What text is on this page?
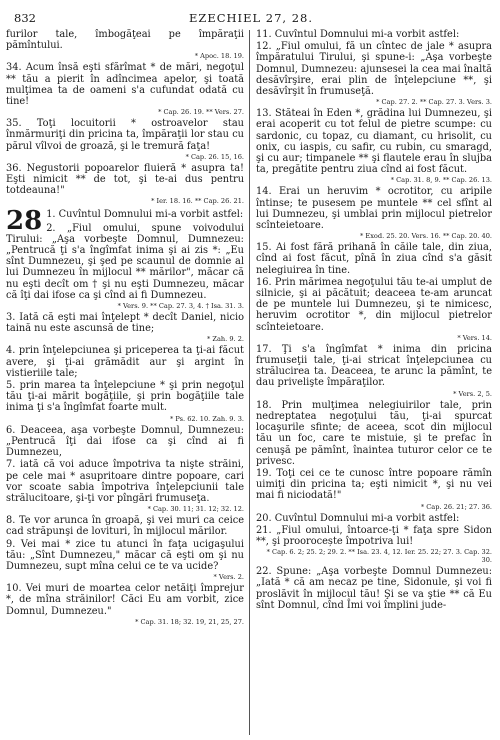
832	EZECHIEL 27, 28.
furilor tale, îmbogăţeai pe împăraţii pămîntului.
* Apoc. 18. 19.
34. Acum însă eşti sfărîmat * de mări, negoţul ** tău a pierit în adîncimea apelor, şi toată mulţimea ta de oameni s'a cufundat odată cu tine!
* Cap. 26. 19. ** Vers. 27.
35. Toţi locuitorii * ostroavelor stau înmărmuriţi din pricina ta, împăraţii lor stau cu părul vîlvoi de groază, şi le tremură faţa!
* Cap. 26. 15, 16.
36. Negustorii popoarelor fluieră * asupra ta! Eşti nimicit ** de tot, şi te-ai dus pentru totdeauna!"
* Ier. 18. 16. ** Cap. 26. 21.
28 1. Cuvîntul Domnului mi-a vorbit astfel:
2. „Fiul omului, spune voivodului Tirului: „Aşa vorbeşte Domnul, Dumnezeu: „Pentrucă ţi s'a îngîmfat inima şi ai zis *: „Eu sînt Dumnezeu, şi şed pe scaunul de domnie al lui Dumnezeu în mijlocul ** mărilor", măcar că nu eşti decît om † şi nu eşti Dumnezeu, măcar că îţi dai ifose ca şi cînd ai fi Dumnezeu.
* Vers. 9. ** Cap. 27. 3, 4. † Isa. 31. 3.
3. Iată că eşti mai înţelept * decît Daniel, nicio taină nu este ascunsă de tine;
* Zah. 9. 2.
4. prin înţelepciunea şi priceperea ta ţi-ai făcut avere, şi ţi-ai grămădit aur şi argint în vistieriile tale;
5. prin marea ta înţelepciune * şi prin negoţul tău ţi-ai mărit bogăţiile, şi prin bogăţiile tale inima ţi s'a îngîmfat foarte mult.
* Ps. 62. 10. Zah. 9. 3.
6. Deaceea, aşa vorbeşte Domnul, Dumnezeu: „Pentrucă îţi dai ifose ca şi cînd ai fi Dumnezeu,
7. iată că voi aduce împotriva ta nişte străini, pe cele mai * asupritoare dintre popoare, cari vor scoate sabia împotriva înţelepciunii tale strălucitoare, şi-ţi vor pîngări frumuseţa.
* Cap. 30. 11; 31. 12; 32. 12.
8. Te vor arunca în groapă, şi vei muri ca ceice cad străpunşi de lovituri, în mijlocul mărilor.
9. Vei mai * zice tu atunci în faţa ucigaşului tău: „Sînt Dumnezeu," măcar că eşti om şi nu Dumnezeu, supt mîna celui ce te va ucide?
* Vers. 2.
10. Vei muri de moartea celor netăiţi împrejur *, de mîna străinilor! Căci Eu am vorbit, zice Domnul, Dumnezeu."
* Cap. 31. 18; 32. 19, 21, 25, 27.
11. Cuvîntul Domnului mi-a vorbit astfel:
12. „Fiul omului, fă un cîntec de jale * asupra împăratului Tirului, şi spune-i: „Aşa vorbeşte Domnul, Dumnezeu: ajunsesei la cea mai înaltă desăvîrşire, erai plin de înţelepciune **, şi desăvîrşit în frumuseţă.
* Cap. 27. 2. ** Cap. 27. 3. Vers. 3.
13. Stăteai în Eden *, grădina lui Dumnezeu, şi erai acoperit cu tot felul de pietre scumpe: cu sardonic, cu topaz, cu diamant, cu hrisolit, cu onix, cu iaspis, cu safir, cu rubin, cu smaragd, şi cu aur; timpanele ** şi flautele erau în slujba ta, pregătite pentru ziua cînd ai fost făcut.
* Cap. 31. 8, 9. ** Cap. 26. 13.
14. Erai un heruvim * ocrotitor, cu aripile întinse; te pusesem pe muntele ** cel sfînt al lui Dumnezeu, şi umblai prin mijlocul pietrelor scînteietoare.
* Exod. 25. 20. Vers. 16. ** Cap. 20. 40.
15. Ai fost fără prihană în căile tale, din ziua, cînd ai fost făcut, pînă în ziua cînd s'a găsit nelegiuirea în tine.
16. Prin mărimea negoţului tău te-ai umplut de silnicie, şi ai păcătuit; deaceea te-am aruncat de pe muntele lui Dumnezeu, şi te nimicesc, heruvim ocrotitor *, din mijlocul pietrelor scînteietoare.
* Vers. 14.
17. Ţi s'a îngîmfat * inima din pricina frumuseţii tale, ţi-ai stricat înţelepciunea cu strălucirea ta. Deaceea, te arunc la pămînt, te dau privelişte împăraţilor.
* Vers. 2, 5.
18. Prin mulţimea nelegiuirilor tale, prin nedreptatea negoţului tău, ţi-ai spurcat locaşurile sfinte; de aceea, scot din mijlocul tău un foc, care te mistuie, şi te prefac în cenuşă pe pămînt, înaintea tuturor celor ce te privesc.
19. Toţi cei ce te cunosc între popoare rămîn uimiţi din pricina ta; eşti nimicit *, şi nu vei mai fi niciodată!"
* Cap. 26. 21; 27. 36.
20. Cuvîntul Domnului mi-a vorbit astfel:
21. „Fiul omului, întoarce-ţi * faţa spre Sidon **, şi proorocește împotriva lui!
* Cap. 6. 2; 25. 2; 29. 2. ** Isa. 23. 4, 12. Ier. 25. 22; 27. 3. Cap. 32. 30.
22. Spune: „Aşa vorbeşte Domnul Dumnezeu: „Iată * că am necaz pe tine, Sidonule, şi voi fi proslăvit în mijlocul tău! Şi se va ştie ** că Eu sînt Domnul, cînd Îmi voi împlini jude-
